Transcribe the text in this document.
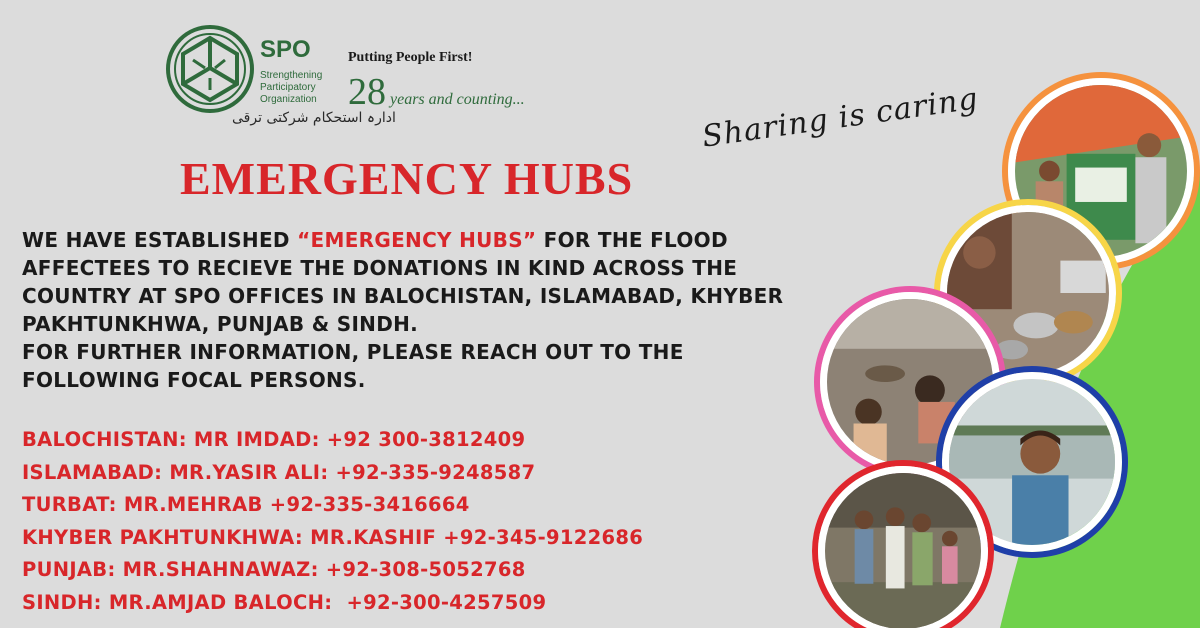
SPO
Strengthening Participatory Organization
ادارہ استحکام شرکتی ترقی
Putting People First!
28 years and counting...	Sharing is caring
EMERGENCY HUBS
WE HAVE ESTABLISHED “EMERGENCY HUBS” FOR THE FLOOD AFFECTEES TO RECIEVE THE DONATIONS IN KIND ACROSS THE COUNTRY AT SPO OFFICES IN BALOCHISTAN, ISLAMABAD, KHYBER PAKHTUNKHWA, PUNJAB & SINDH.
FOR FURTHER INFORMATION, PLEASE REACH OUT TO THE FOLLOWING FOCAL PERSONS.
BALOCHISTAN: MR IMDAD: +92 300-3812409
ISLAMABAD: MR.YASIR ALI: +92-335-9248587
TURBAT: MR.MEHRAB +92-335-3416664
KHYBER PAKHTUNKHWA: MR.KASHIF +92-345-9122686
PUNJAB: MR.SHAHNAWAZ: +92-308-5052768
SINDH: MR.AMJAD BALOCH:  +92-300-4257509
